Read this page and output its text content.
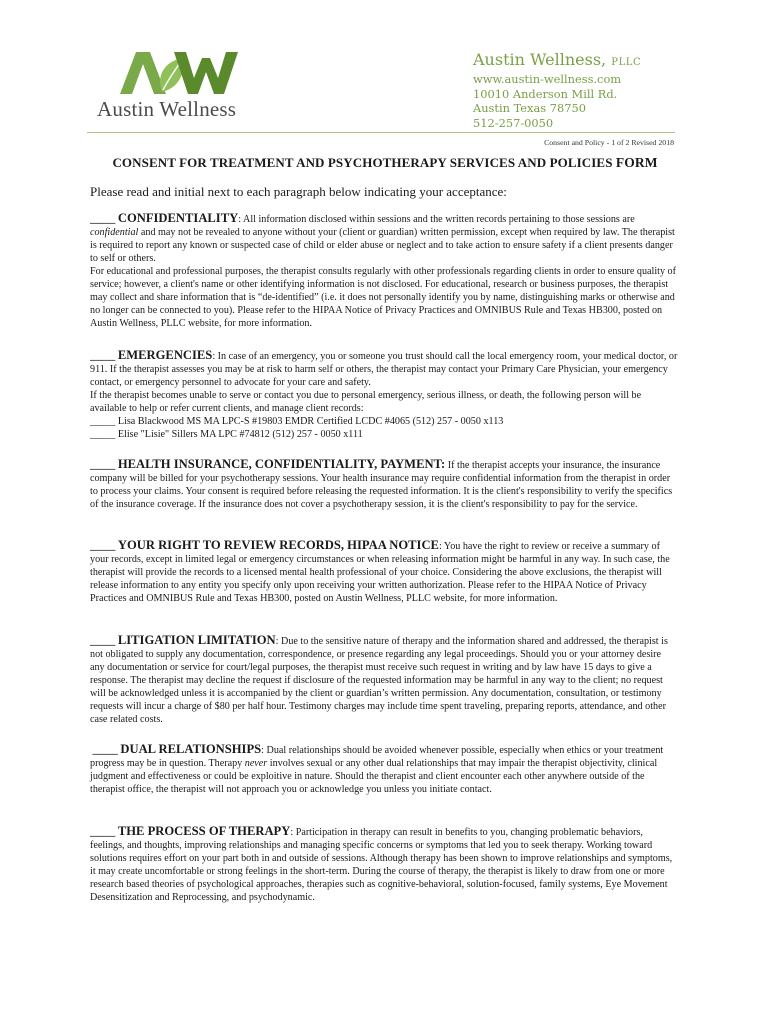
Austin Wellness
Austin Wellness, PLLC
www.austin-wellness.com
10010 Anderson Mill Rd.
Austin Texas 78750
512-257-0050
Consent and Policy - 1 of 2 Revised 2018
CONSENT FOR TREATMENT AND PSYCHOTHERAPY SERVICES AND POLICIES FORM
Please read and initial next to each paragraph below indicating your acceptance:

_____ CONFIDENTIALITY: All information disclosed within sessions and the written records pertaining to those sessions are confidential and may not be revealed to anyone without your (client or guardian) written permission, except when required by law. The therapist is required to report any known or suspected case of child or elder abuse or neglect and to take action to ensure safety if a client presents danger to self or others.

For educational and professional purposes, the therapist consults regularly with other professionals regarding clients in order to ensure quality of service; however, a client's name or other identifying information is not disclosed. For educational, research or business purposes, the therapist may collect and share information that is “de-identified” (i.e. it does not personally identify you by name, distinguishing marks or otherwise and no longer can be connected to you). Please refer to the HIPAA Notice of Privacy Practices and OMNIBUS Rule and Texas HB300, posted on Austin Wellness, PLLC website, for more information.

_____ EMERGENCIES: In case of an emergency, you or someone you trust should call the local emergency room, your medical doctor, or 911. If the therapist assesses you may be at risk to harm self or others, the therapist may contact your Primary Care Physician, your emergency contact, or emergency personnel to advocate for your care and safety.

If the therapist becomes unable to serve or contact you due to personal emergency, serious illness, or death, the following person will be available to help or refer current clients, and manage client records:

_____ Lisa Blackwood MS MA LPC-S #19803 EMDR Certified LCDC #4065 (512) 257 - 0050 x113

_____ Elise "Lisie" Sillers MA LPC #74812 (512) 257 - 0050 x111

_____ HEALTH INSURANCE, CONFIDENTIALITY, PAYMENT: If the therapist accepts your insurance, the insurance company will be billed for your psychotherapy sessions. Your health insurance may require confidential information from the therapist in order to process your claims. Your consent is required before releasing the requested information. It is the client's responsibility to verify the specifics of the insurance coverage. If the insurance does not cover a psychotherapy session, it is the client's responsibility to pay for the service.

_____ YOUR RIGHT TO REVIEW RECORDS, HIPAA NOTICE: You have the right to review or receive a summary of your records, except in limited legal or emergency circumstances or when releasing information might be harmful in any way. In such case, the therapist will provide the records to a licensed mental health professional of your choice. Considering the above exclusions, the therapist will release information to any entity you specify only upon receiving your written authorization. Please refer to the HIPAA Notice of Privacy Practices and OMNIBUS Rule and Texas HB300, posted on Austin Wellness, PLLC website, for more information.

_____ LITIGATION LIMITATION: Due to the sensitive nature of therapy and the information shared and addressed, the therapist is not obligated to supply any documentation, correspondence, or presence regarding any legal proceedings. Should you or your attorney desire any documentation or service for court/legal purposes, the therapist must receive such request in writing and by law have 15 days to give a response. The therapist may decline the request if disclosure of the requested information may be harmful in any way to the client; no request will be acknowledged unless it is accompanied by the client or guardian’s written permission. Any documentation, consultation, or testimony requests will incur a charge of $80 per half hour. Testimony charges may include time spent traveling, preparing reports, attendance, and other case related costs.

_____ DUAL RELATIONSHIPS: Dual relationships should be avoided whenever possible, especially when ethics or your treatment progress may be in question. Therapy never involves sexual or any other dual relationships that may impair the therapist objectivity, clinical judgment and effectiveness or could be exploitive in nature. Should the therapist and client encounter each other anywhere outside of the therapist office, the therapist will not approach you or acknowledge you unless you initiate contact.

_____ THE PROCESS OF THERAPY: Participation in therapy can result in benefits to you, changing problematic behaviors, feelings, and thoughts, improving relationships and managing specific concerns or symptoms that led you to seek therapy. Working toward solutions requires effort on your part both in and outside of sessions. Although therapy has been shown to improve relationships and symptoms, it may create uncomfortable or strong feelings in the short-term. During the course of therapy, the therapist is likely to draw from one or more research based theories of psychological approaches, therapies such as cognitive-behavioral, solution-focused, family systems, Eye Movement Desensitization and Reprocessing, and psychodynamic.
